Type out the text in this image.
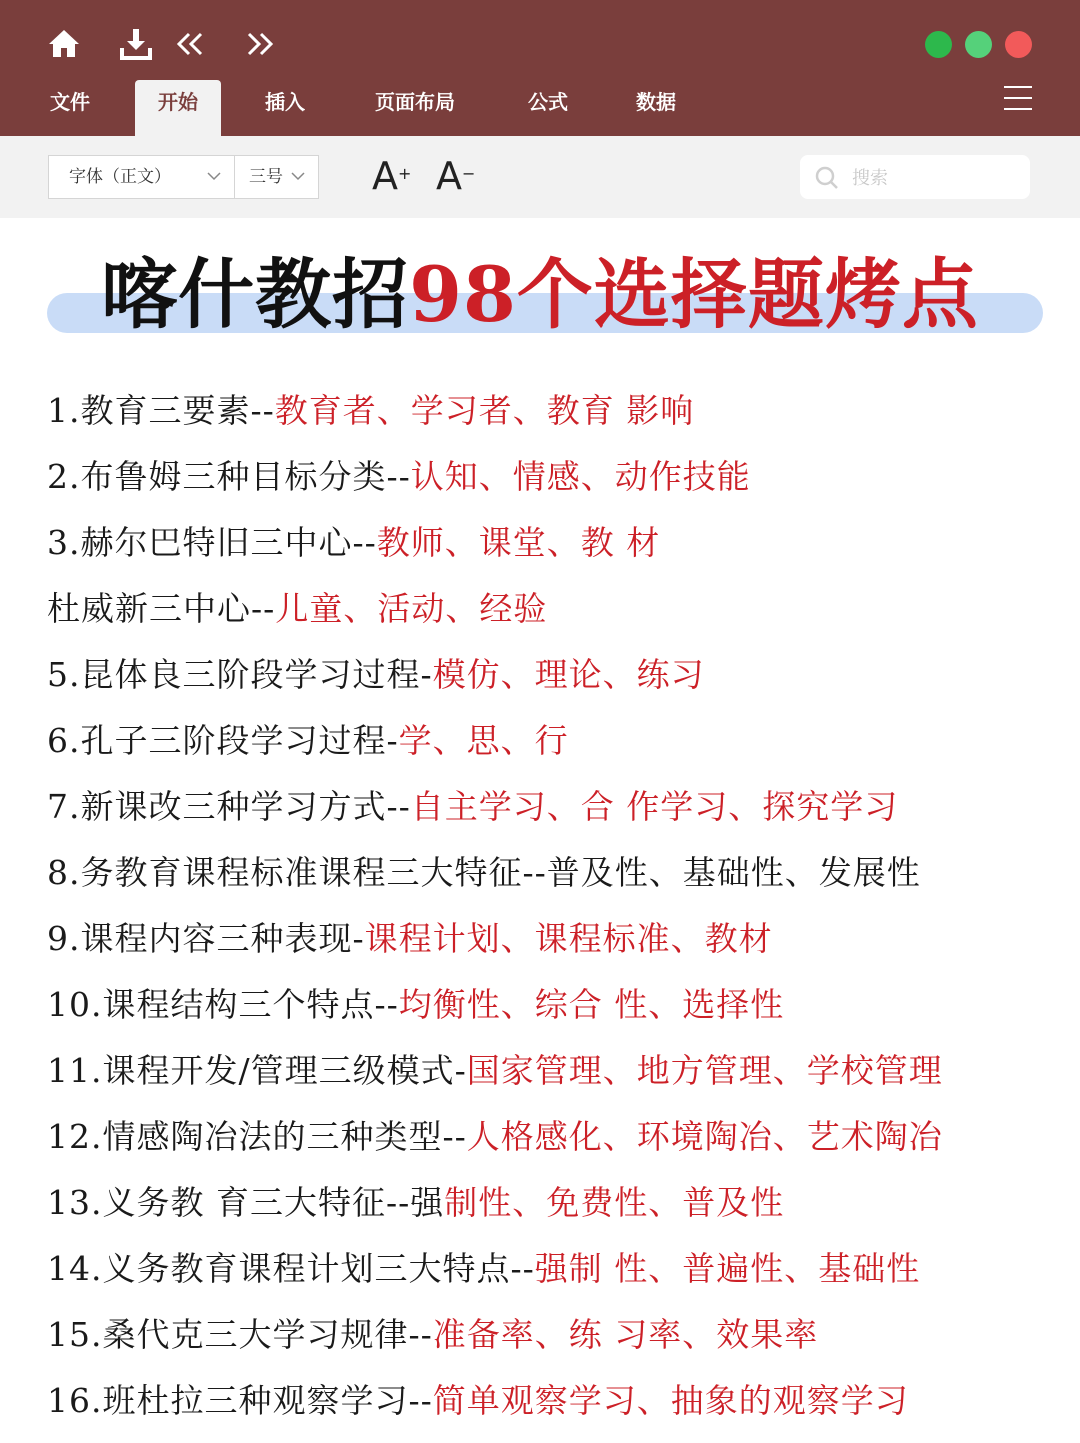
文件	开始	插入	页面布局	公式	数据
字体（正文）	三号 A+ A−
搜索
喀什教招98个选择题烤点
1.教育三要素--教育者、学习者、教育 影响
2.布鲁姆三种目标分类--认知、情感、动作技能
3.赫尔巴特旧三中心--教师、课堂、教 材
杜威新三中心--儿童、活动、经验
5.昆体良三阶段学习过程-模仿、理论、练习
6.孔子三阶段学习过程-学、思、行
7.新课改三种学习方式--自主学习、合 作学习、探究学习
8.务教育课程标准课程三大特征--普及性、基础性、发展性
9.课程内容三种表现-课程计划、课程标准、教材
10.课程结构三个特点--均衡性、综合 性、选择性
11.课程开发/管理三级模式-国家管理、地方管理、学校管理
12.情感陶冶法的三种类型--人格感化、环境陶冶、艺术陶冶
13.义务教 育三大特征--强制性、免费性、普及性
14.义务教育课程计划三大特点--强制 性、普遍性、基础性
15.桑代克三大学习规律--准备率、练 习率、效果率
16.班杜拉三种观察学习--简单观察学习、抽象的观察学习
